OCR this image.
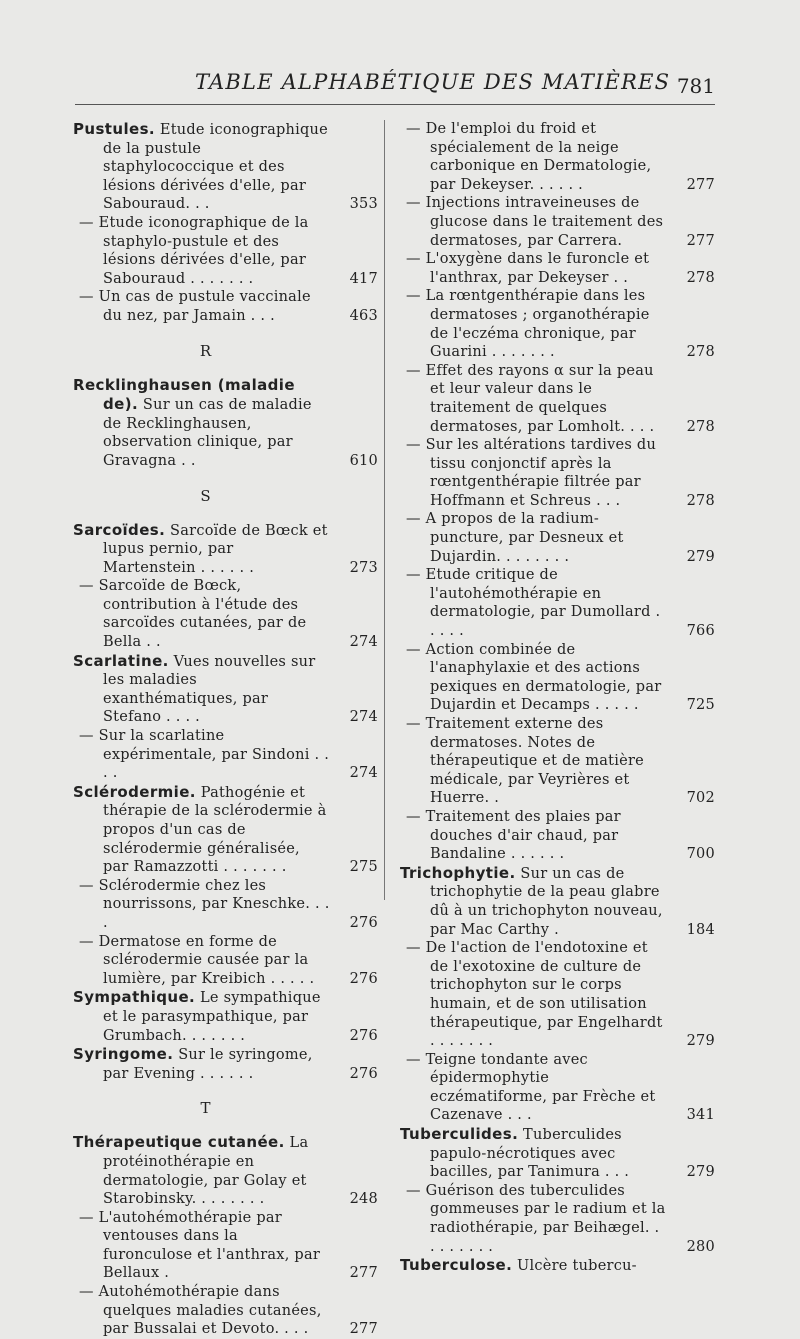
TABLE ALPHABÉTIQUE DES MATIÈRES 781
Pustules. Etude iconographique de la pustule staphylococcique et des lésions dérivées d'elle, par Sabouraud. . .	353
— Etude iconographique de la staphylo-pustule et des lésions dérivées d'elle, par Sabouraud . . . . . . .	417
— Un cas de pustule vaccinale du nez, par Jamain . . .	463
R
Recklinghausen (maladie de). Sur un cas de maladie de Recklinghausen, observation clinique, par Gravagna . .	610
S
Sarcoïdes. Sarcoïde de Bœck et lupus pernio, par Martenstein . . . . . .	273
— Sarcoïde de Bœck, contribution à l'étude des sarcoïdes cutanées, par de Bella . .	274
Scarlatine. Vues nouvelles sur les maladies exanthématiques, par Stefano . . . .	274
— Sur la scarlatine expérimentale, par Sindoni . . . .	274
Sclérodermie. Pathogénie et thérapie de la sclérodermie à propos d'un cas de sclérodermie généralisée, par Ramazzotti . . . . . . .	275
— Sclérodermie chez les nourrissons, par Kneschke. . . .	276
— Dermatose en forme de sclérodermie causée par la lumière, par Kreibich . . . . .	276
Sympathique. Le sympathique et le parasympathique, par Grumbach. . . . . . .	276
Syringome. Sur le syringome, par Evening . . . . . .	276
T
Thérapeutique cutanée. La protéinothérapie en dermatologie, par Golay et Starobinsky. . . . . . . .	248
— L'autohémothérapie par ventouses dans la furonculose et l'anthrax, par Bellaux .	277
— Autohémothérapie dans quelques maladies cutanées, par Bussalai et Devoto. . . .	277
— De l'emploi du froid et spécialement de la neige carbonique en Dermatologie, par Dekeyser. . . . . .	277
— Injections intraveineuses de glucose dans le traitement des dermatoses, par Carrera.	277
— L'oxygène dans le furoncle et l'anthrax, par Dekeyser . .	278
— La rœntgenthérapie dans les dermatoses ; organothérapie de l'eczéma chronique, par Guarini . . . . . . .	278
— Effet des rayons α sur la peau et leur valeur dans le traitement de quelques dermatoses, par Lomholt. . . .	278
— Sur les altérations tardives du tissu conjonctif après la rœntgenthérapie filtrée par Hoffmann et Schreus . . .	278
— A propos de la radium-puncture, par Desneux et Dujardin. . . . . . . .	279
— Etude critique de l'autohémothérapie en dermatologie, par Dumollard . . . . .	766
— Action combinée de l'anaphylaxie et des actions pexiques en dermatologie, par Dujardin et Decamps . . . . .	725
— Traitement externe des dermatoses. Notes de thérapeutique et de matière médicale, par Veyrières et Huerre. .	702
— Traitement des plaies par douches d'air chaud, par Bandaline . . . . . .	700
Trichophytie. Sur un cas de trichophytie de la peau glabre dû à un trichophyton nouveau, par Mac Carthy .	184
— De l'action de l'endotoxine et de l'exotoxine de culture de trichophyton sur le corps humain, et de son utilisation thérapeutique, par Engelhardt . . . . . . .	279
— Teigne tondante avec épidermophytie eczématiforme, par Frèche et Cazenave . . .	341
Tuberculides. Tuberculides papulo-nécrotiques avec bacilles, par Tanimura . . .	279
— Guérison des tuberculides gommeuses par le radium et la radiothérapie, par Beihægel. . . . . . . . .	280
Tuberculose. Ulcère tubercu-
